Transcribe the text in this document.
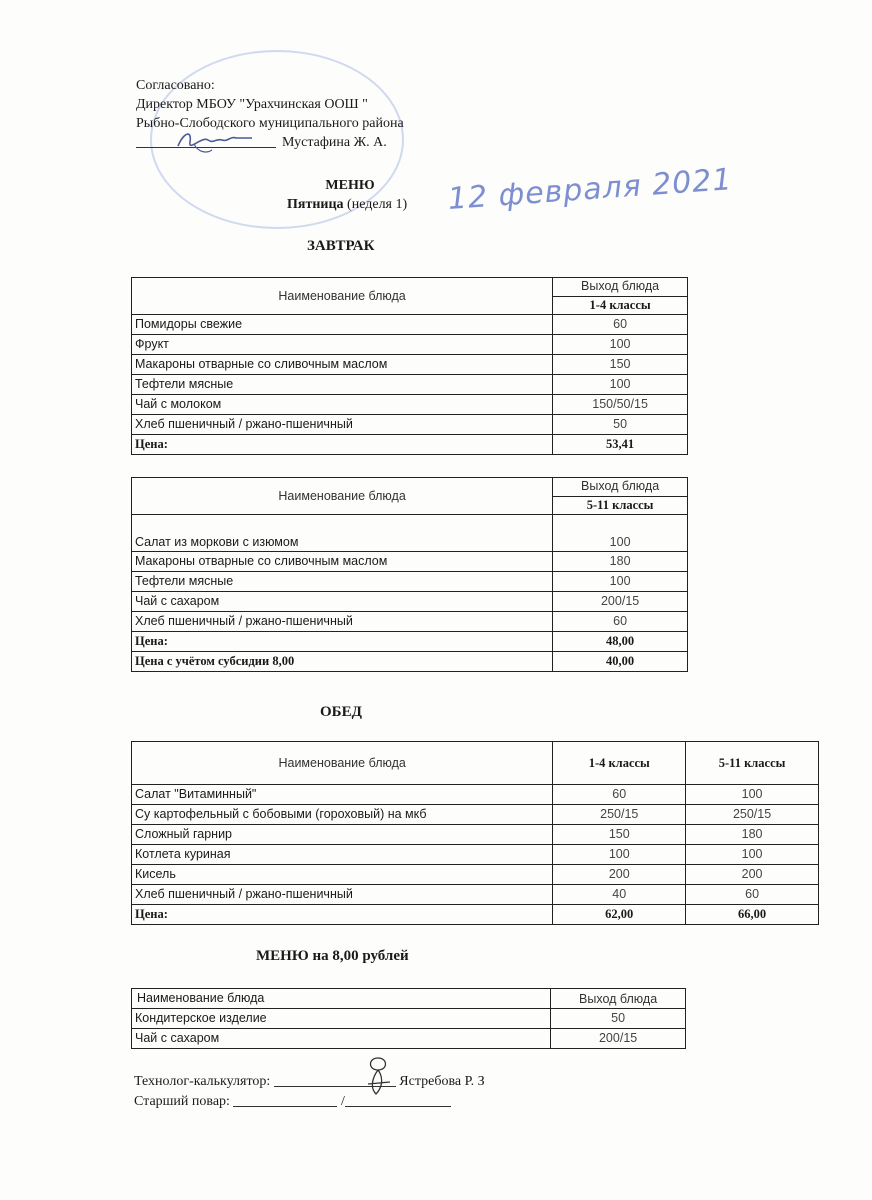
Согласовано:
Директор МБОУ "Урахчинская ООШ "
Рыбно-Слободского муниципального района
Мустафина Ж. А.
МЕНЮ
Пятница (неделя 1) 12 февраля 2021
ЗАВТРАК
Наименование блюда	Выход блюда
	1-4 классы
Помидоры свежие	60
Фрукт	100
Макароны отварные со сливочным маслом	150
Тефтели мясные	100
Чай с молоком	150/50/15
Хлеб пшеничный / ржано-пшеничный	50
Цена:	53,41
Наименование блюда	Выход блюда
	5-11 классы
Салат из моркови с изюмом	100
Макароны отварные со сливочным маслом	180
Тефтели мясные	100
Чай с сахаром	200/15
Хлеб пшеничный / ржано-пшеничный	60
Цена:	48,00
Цена с учётом субсидии 8,00	40,00
ОБЕД
Наименование блюда	1-4 классы	5-11 классы
Салат "Витаминный"	60	100
Су картофельный с бобовыми (гороховый) на мкб	250/15	250/15
Сложный гарнир	150	180
Котлета куриная	100	100
Кисель	200	200
Хлеб пшеничный / ржано-пшеничный	40	60
Цена:	62,00	66,00
МЕНЮ на 8,00 рублей
Наименование блюда	Выход блюда
Кондитерское изделие	50
Чай с сахаром	200/15
Технолог-калькулятор:	Ястребова Р. З
Старший повар:	/
